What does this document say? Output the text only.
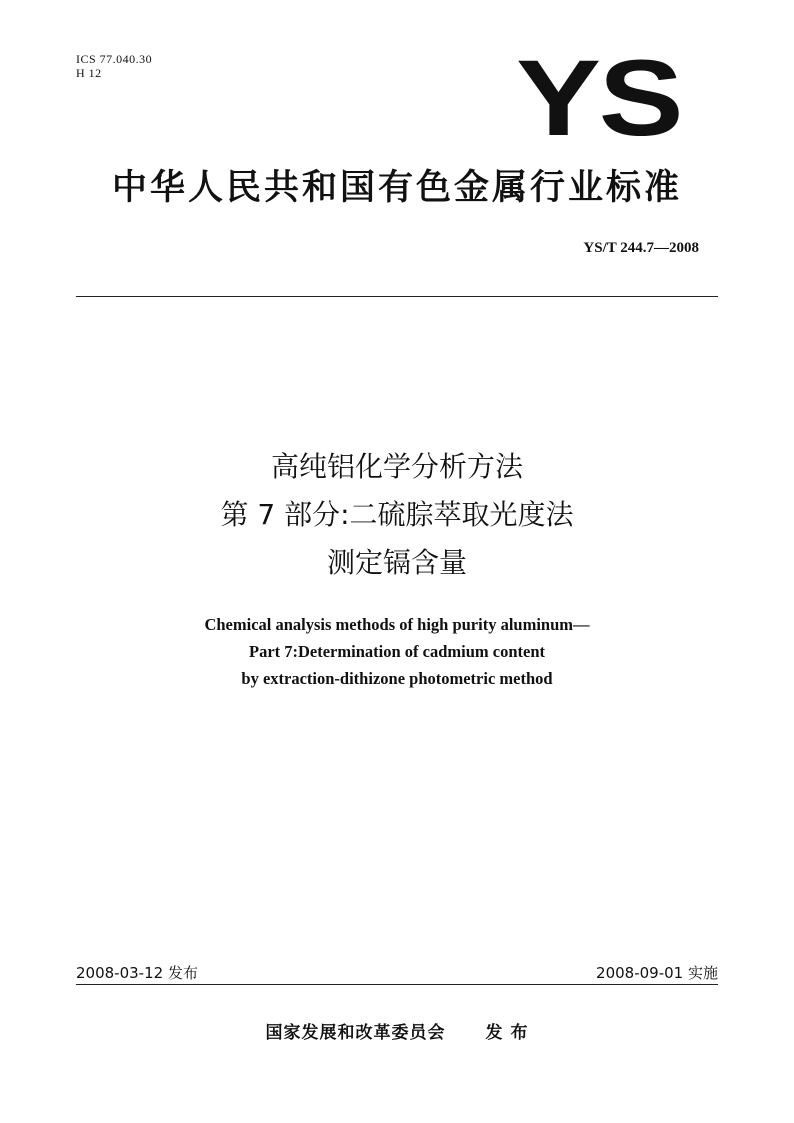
ICS 77.040.30
H 12	YS
中华人民共和国有色金属行业标准
YS/T 244.7—2008
高纯铝化学分析方法
第 7 部分:二硫腙萃取光度法
测定镉含量
Chemical analysis methods of high purity aluminum—
Part 7:Determination of cadmium content
by extraction-dithizone photometric method
2008-03-12 发布	2008-09-01 实施
国家发展和改革委员会 发 布
